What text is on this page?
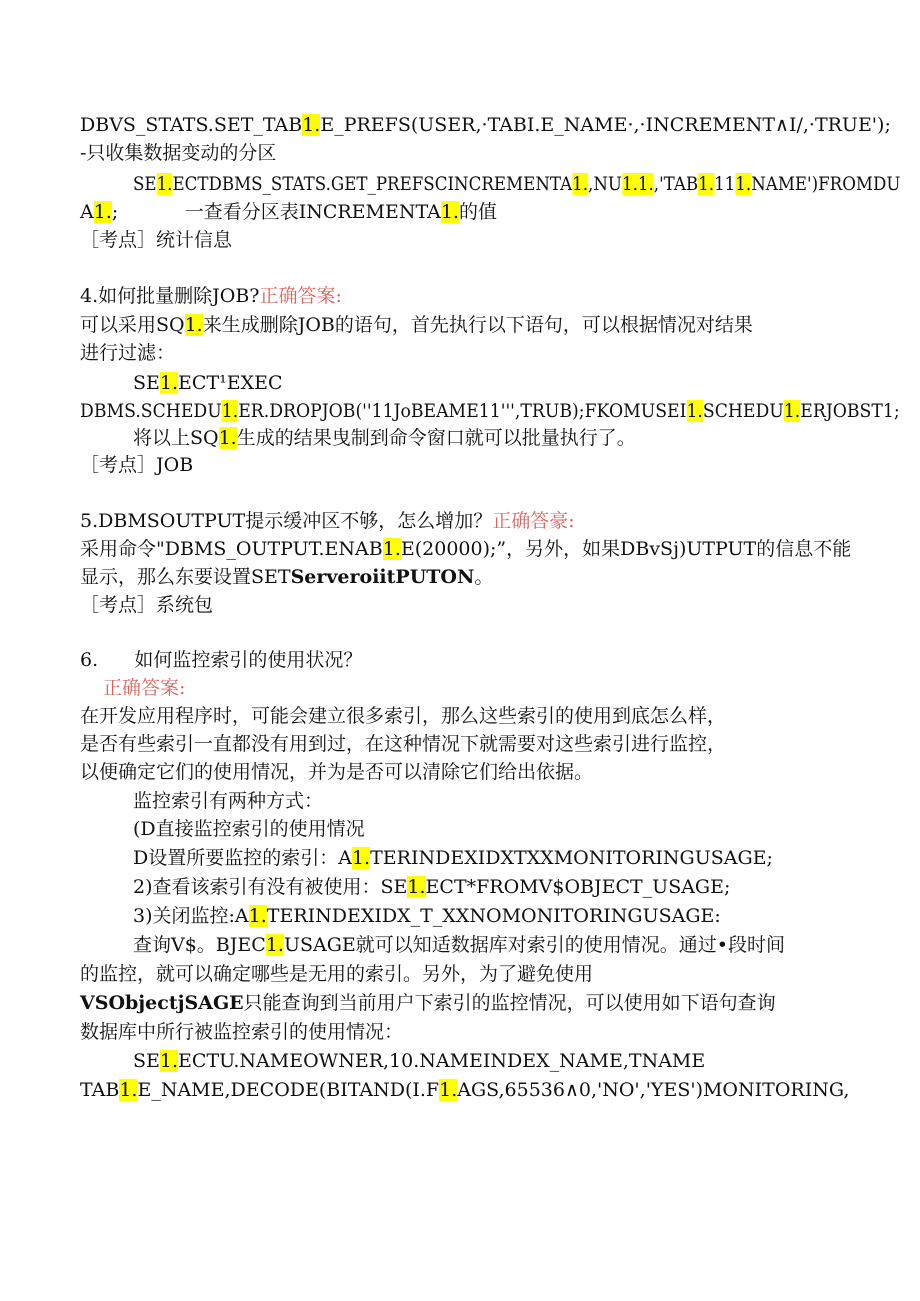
DBVS_STATS.SET_TAB1.E_PREFS(USER,·TABI.E_NAME·,·INCREMENT∧I/,·TRUE');
-只收集数据变动的分区
SE1.ECTDBMS_STATS.GET_PREFSCINCREMENTA1.,NU1.1.,'TAB1.111.NAME')FROMDU
A1.;           一查看分区表INCREMENTA1.的值
［考点］统计信息
4.如何批量删除JOB?正确答案:
可以采用SQ1.来生成删除JOB的语句，首先执行以下语句，可以根据情况对结果
进行过滤：
SE1.ECT¹EXEC
DBMS.SCHEDU1.ER.DROPJOB(''11JoBEAME11''',TRUB);FKOMUSEI1.SCHEDU1.ERJOBST1;
将以上SQ1.生成的结果曳制到命令窗口就可以批量执行了。
［考点］JOB
5.DBMSOUTPUT提示缓冲区不够，怎么增加？正确答豪:
采用命令"DBMS_OUTPUT.ENAB1.E(20000);”，另外，如果DBvSj)UTPUT的信息不能
显示，那么东要设置SETServeroiitPUTON。
［考点］系统包
6.      如何监控索引的使用状况？
正确答案:
在开发应用程序时，可能会建立很多索引，那么这些索引的使用到底怎么样，
是否有些索引一直都没有用到过，在这种情况下就需要对这些索引进行监控，
以便确定它们的使用情况，并为是否可以清除它们给出依据。
监控索引有两种方式：
(D直接监控索引的使用情况
D设置所要监控的索引：A1.TERINDEXIDXTXXMONITORINGUSAGE;
2)查看该索引有没有被使用：SE1.ECT*FROMV$OBJECT_USAGE;
3)关闭监控:A1.TERINDEXIDX_T_XXNOMONITORINGUSAGE:
查询V$。BJEC1.USAGE就可以知适数据库对索引的使用情况。通过•段时间
的监控，就可以确定哪些是无用的索引。另外，为了避免使用
VSObjectjSAGE只能查询到当前用户下索引的监控情况，可以使用如下语句查询
数据库中所行被监控索引的使用情况：
SE1.ECTU.NAMEOWNER,10.NAMEINDEX_NAME,TNAME
TAB1.E_NAME,DECODE(BITAND(I.F1.AGS,65536∧0,'NO','YES')MONITORING,
